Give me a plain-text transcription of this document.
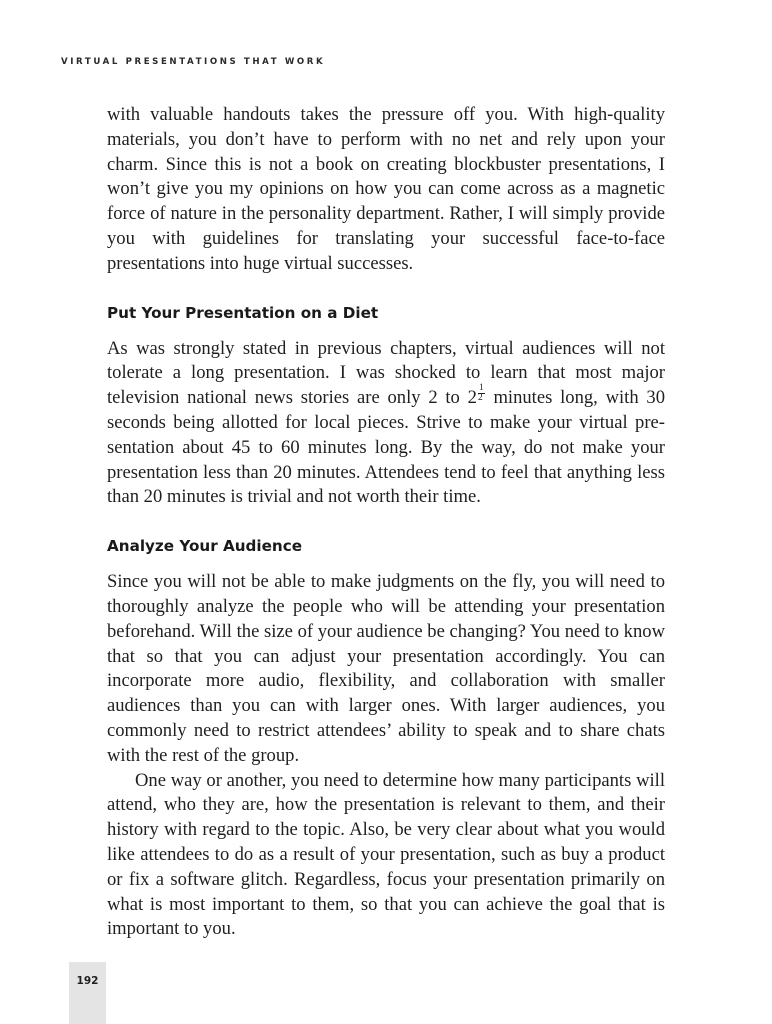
VIRTUAL PRESENTATIONS THAT WORK

with valuable handouts takes the pressure off you. With high-quality materials, you don’t have to perform with no net and rely upon your charm. Since this is not a book on creating blockbuster presentations, I won’t give you my opinions on how you can come across as a magnetic force of nature in the personality department. Rather, I will simply provide you with guidelines for translating your successful face-to-face presentations into huge virtual successes.

Put Your Presentation on a Diet

As was strongly stated in previous chapters, virtual audiences will not tolerate a long presentation. I was shocked to learn that most major television national news stories are only 2 to $2 \frac{1}{2}$ minutes long, with 30 seconds being allotted for local pieces. Strive to make your virtual presentation about 45 to 60 minutes long. By the way, do not make your presentation less than 20 minutes. Attendees tend to feel that anything less than 20 minutes is trivial and not worth their time.

Analyze Your Audience

Since you will not be able to make judgments on the fly, you will need to thoroughly analyze the people who will be attending your presentation beforehand. Will the size of your audience be changing? You need to know that so that you can adjust your presentation accordingly. You can incorporate more audio, flexibility, and collaboration with smaller audiences than you can with larger ones. With larger audiences, you commonly need to restrict attendees’ ability to speak and to share chats with the rest of the group.

One way or another, you need to determine how many participants will attend, who they are, how the presentation is relevant to them, and their history with regard to the topic. Also, be very clear about what you would like attendees to do as a result of your presentation, such as buy a product or fix a software glitch. Regardless, focus your presentation primarily on what is most important to them, so that you can achieve the goal that is important to you.

192
